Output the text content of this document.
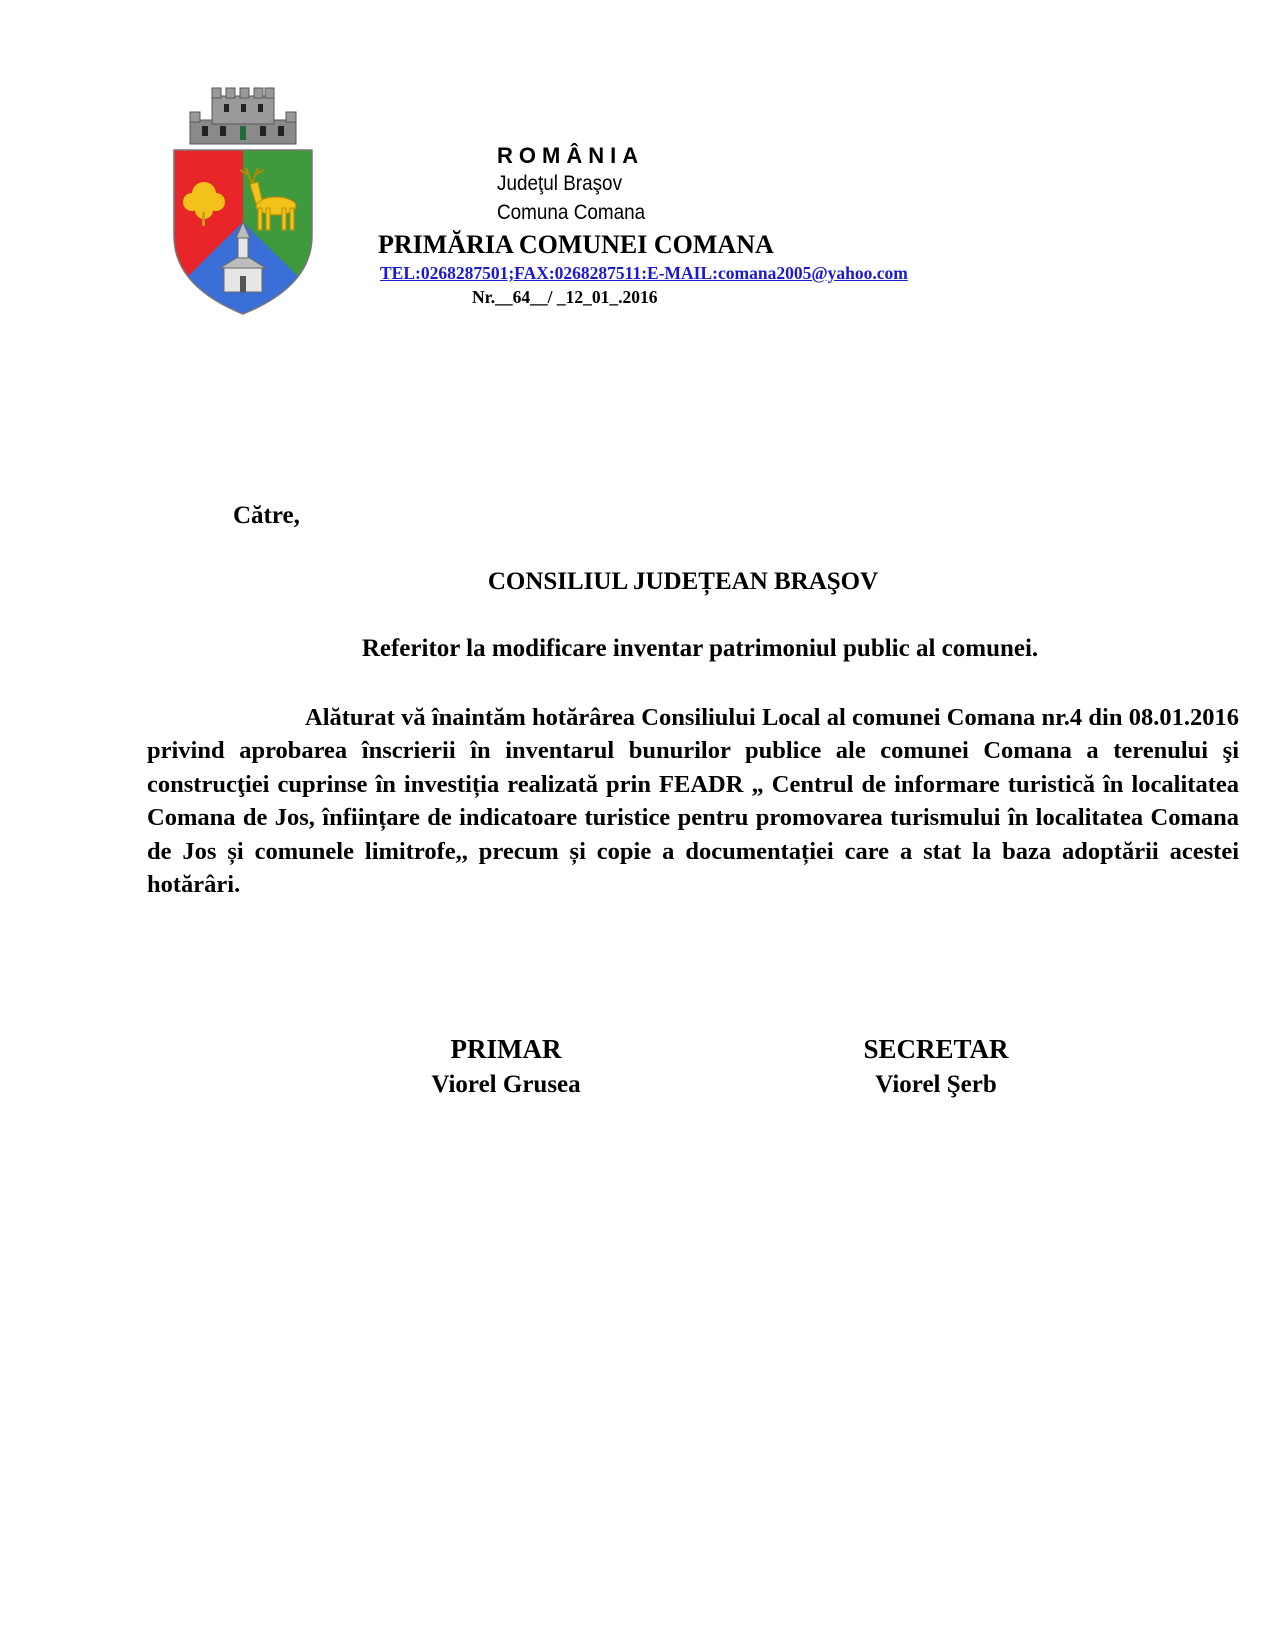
ROMÂNIA
Judeţul Braşov
Comuna Comana
PRIMĂRIA COMUNEI COMANA
TEL:0268287501;FAX:0268287511:E-MAIL:comana2005@yahoo.com
Nr.__64__/ _12_01_.2016
Către,
CONSILIUL JUDEȚEAN BRAŞOV
Referitor la modificare inventar patrimoniul public al comunei.
Alăturat vă înaintăm hotărârea Consiliului Local al comunei Comana nr.4 din 08.01.2016 privind aprobarea înscrierii în inventarul bunurilor publice ale comunei Comana a terenului şi construcţiei cuprinse în investiția realizată prin FEADR „ Centrul de informare turistică în localitatea Comana de Jos, înființare de indicatoare turistice pentru promovarea turismului în localitatea Comana de Jos și comunele limitrofe,, precum și copie a documentației care a stat la baza adoptării acestei hotărâri.
PRIMAR
Viorel Grusea
SECRETAR
Viorel Şerb
